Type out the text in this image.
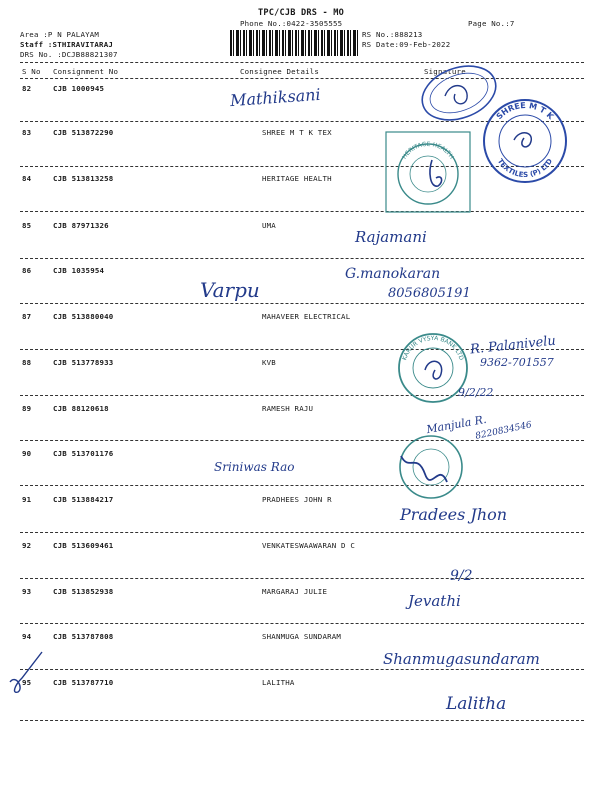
TPC/CJB DRS - MO
Phone No.:0422-3505555	Page No.:7
Area :P N PALAYAM
Staff :STHIRAVITARAJ
DRS No. :DCJB88821307
RS No.:888213
RS Date:09-Feb-2022
S No Consignment No	Consignee Details	Signature
82	CJB 1000945
83	CJB 513872290	SHREE M T K TEX
84	CJB 513813258	HERITAGE HEALTH
85	CJB 87971326	UMA
86	CJB 1035954
87	CJB 513880040	MAHAVEER ELECTRICAL
88	CJB 513778933	KVB
89	CJB 88120618	RAMESH RAJU
90	CJB 513701176
91	CJB 513884217	PRADHEES JOHN R
92	CJB 513609461	VENKATESWAAWARAN D C
93	CJB 513852938	MARGARAJ JULIE
94	CJB 513787808	SHANMUGA SUNDARAM
95	CJB 513787710	LALITHA
SHREE M T K
TEXTILES (P) LTD
HERITAGE HEALTH
KARUR VYSYA BANK LTD
Mathiksani
Rajamani
Varpu
G.manokaran
8056805191
R. Palanivelu
9362-701557
9/2/22
Manjula R.
8220834546
Sriniwas Rao
Pradees Jhon
9/2
Jevathi
Shanmugasundaram
Lalitha
